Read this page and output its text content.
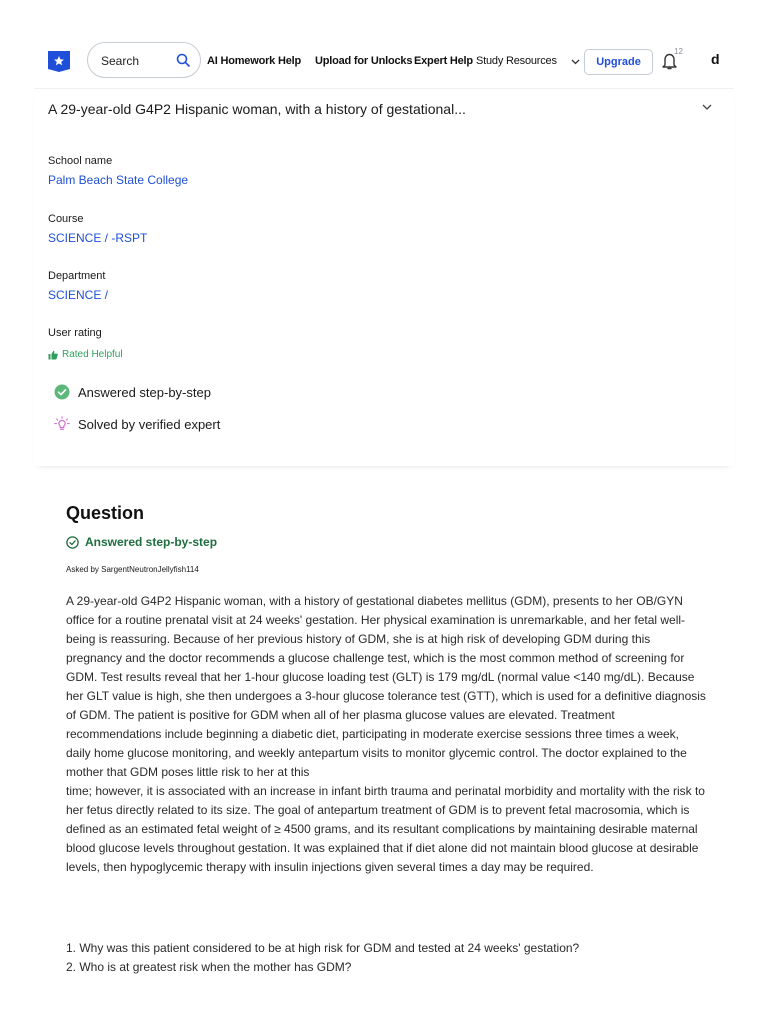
Search	AI Homework Help Upload for Unlocks Expert Help Study Resources	Upgrade
12 d
A 29-year-old G4P2 Hispanic woman, with a history of gestational...
School name
Palm Beach State College
Course
SCIENCE / -RSPT
Department
SCIENCE /
User rating
Rated Helpful
Answered step-by-step
Solved by verified expert
Question
Answered step-by-step
Asked by SargentNeutronJellyfish114

A 29-year-old G4P2 Hispanic woman, with a history of gestational diabetes mellitus (GDM), presents to her OB/GYN office for a routine prenatal visit at 24 weeks' gestation. Her physical examination is unremarkable, and her fetal well-being is reassuring. Because of her previous history of GDM, she is at high risk of developing GDM during this pregnancy and the doctor recommends a glucose challenge test, which is the most common method of screening for GDM. Test results reveal that her 1-hour glucose loading test (GLT) is 179 mg/dL (normal value <140 mg/dL). Because her GLT value is high, she then undergoes a 3-hour glucose tolerance test (GTT), which is used for a definitive diagnosis of GDM. The patient is positive for GDM when all of her plasma glucose values are elevated. Treatment recommendations include beginning a diabetic diet, participating in moderate exercise sessions three times a week, daily home glucose monitoring, and weekly antepartum visits to monitor glycemic control. The doctor explained to the mother that GDM poses little risk to her at this

time; however, it is associated with an increase in infant birth trauma and perinatal morbidity and mortality with the risk to her fetus directly related to its size. The goal of antepartum treatment of GDM is to prevent fetal macrosomia, which is defined as an estimated fetal weight of ≥ 4500 grams, and its resultant complications by maintaining desirable maternal blood glucose levels throughout gestation. It was explained that if diet alone did not maintain blood glucose at desirable levels, then hypoglycemic therapy with insulin injections given several times a day may be required.

1. Why was this patient considered to be at high risk for GDM and tested at 24 weeks' gestation?
2. Who is at greatest risk when the mother has GDM?
